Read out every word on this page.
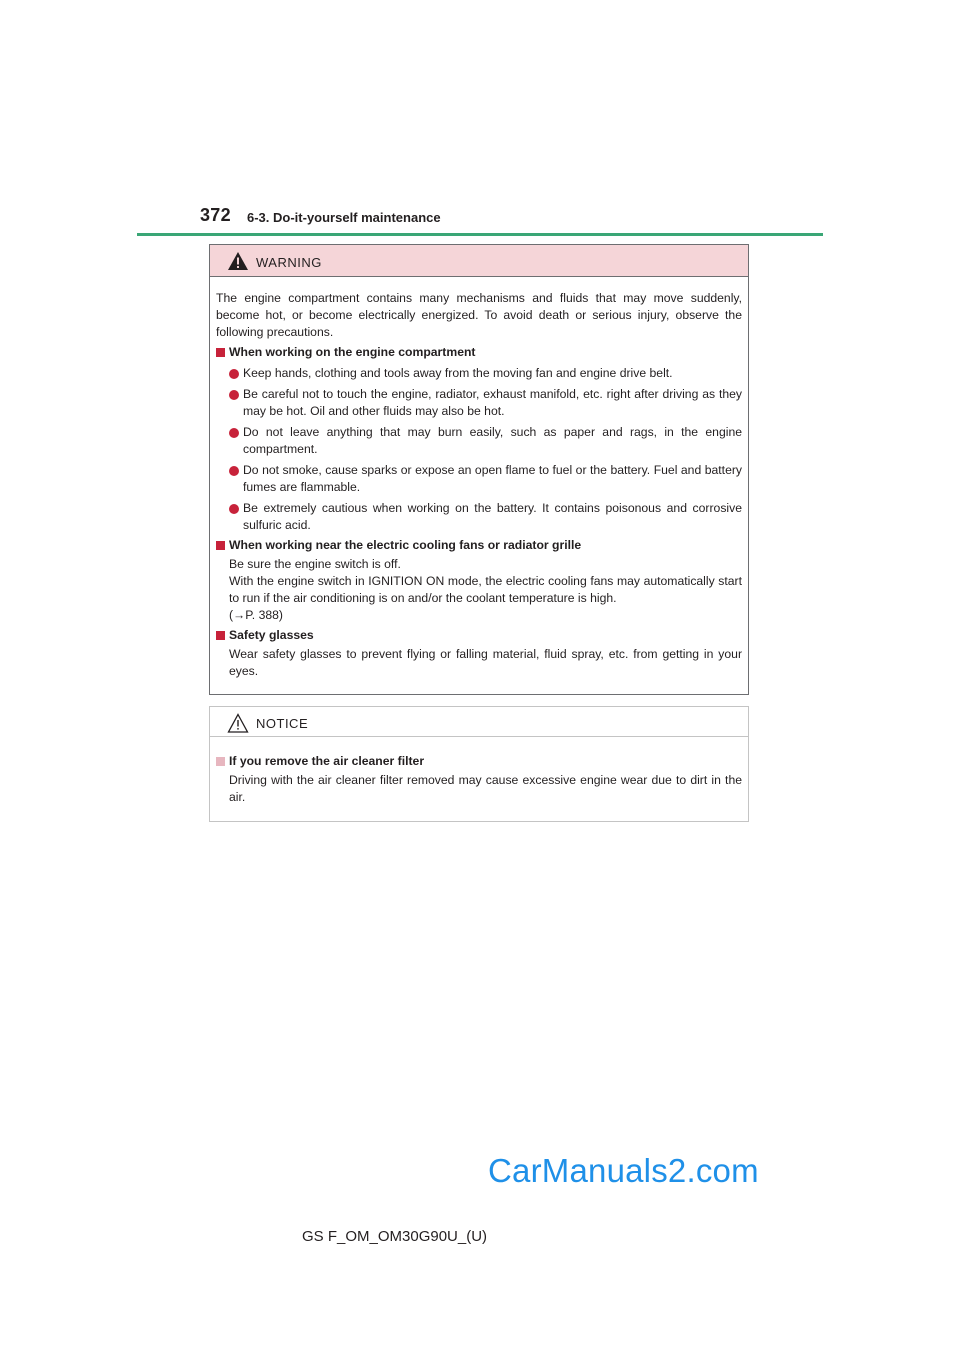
372 6-3. Do-it-yourself maintenance
WARNING

The engine compartment contains many mechanisms and fluids that may move suddenly, become hot, or become electrically energized. To avoid death or serious injury, observe the following precautions.

When working on the engine compartment

Keep hands, clothing and tools away from the moving fan and engine drive belt.

Be careful not to touch the engine, radiator, exhaust manifold, etc. right after driving as they may be hot. Oil and other fluids may also be hot.

Do not leave anything that may burn easily, such as paper and rags, in the engine compartment.

Do not smoke, cause sparks or expose an open flame to fuel or the battery. Fuel and battery fumes are flammable.

Be extremely cautious when working on the battery. It contains poisonous and corrosive sulfuric acid.

When working near the electric cooling fans or radiator grille

Be sure the engine switch is off.

With the engine switch in IGNITION ON mode, the electric cooling fans may automatically start to run if the air conditioning is on and/or the coolant temperature is high.

(→P. 388)

Safety glasses

Wear safety glasses to prevent flying or falling material, fluid spray, etc. from getting in your eyes.

NOTICE

If you remove the air cleaner filter

Driving with the air cleaner filter removed may cause excessive engine wear due to dirt in the air.

GS F_OM_OM30G90U_(U)
CarManuals2.com
carmanualsonline.info
